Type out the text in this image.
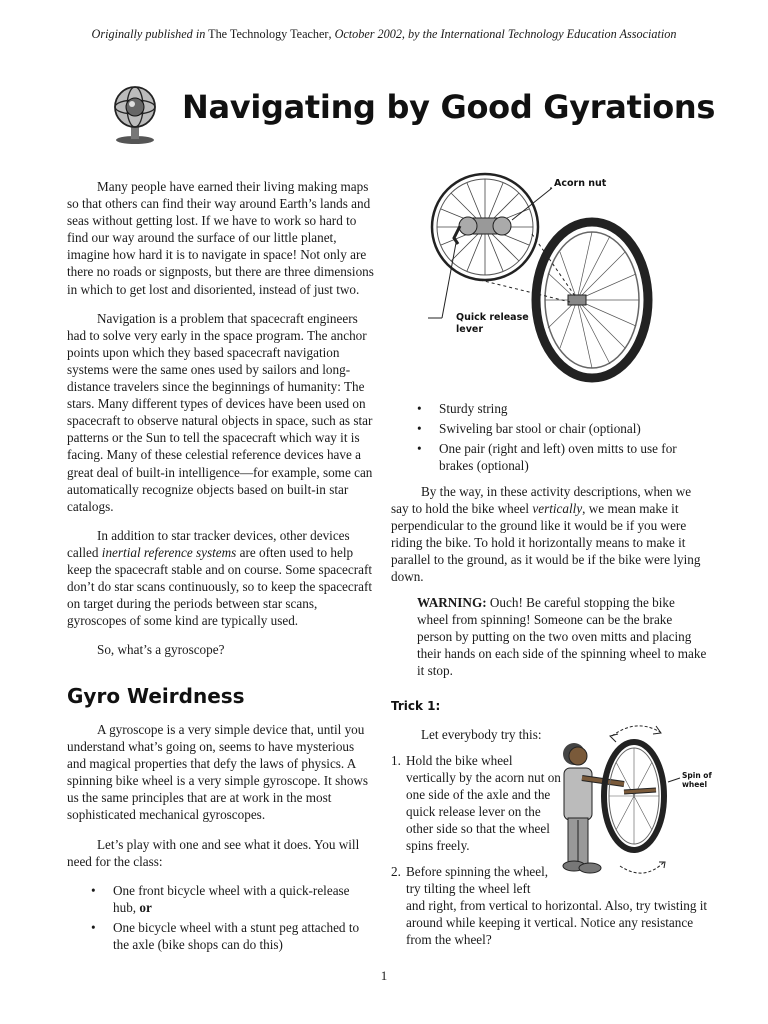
Originally published in The Technology Teacher, October 2002, by the International Technology Education Association
Navigating by Good Gyrations

Many people have earned their living making maps so that others can find their way around Earth’s lands and seas without getting lost. If we have to work so hard to find our way around the surface of our little planet, imagine how hard it is to navigate in space! Not only are there no roads or signposts, but there are three dimensions in which to get lost and disoriented, instead of just two.

Navigation is a problem that spacecraft engineers had to solve very early in the space program. The anchor points upon which they based spacecraft navigation systems were the same ones used by sailors and long-distance travelers since the beginnings of humanity: The stars. Many different types of devices have been used on spacecraft to observe natural objects in space, such as star patterns or the Sun to tell the spacecraft which way it is facing. Many of these celestial reference devices have a great deal of built-in intelligence—for example, some can automatically recognize objects based on built-in star catalogs.

In addition to star tracker devices, other devices called inertial reference systems are often used to help keep the spacecraft stable and on course. Some spacecraft don’t do star scans continuously, so to keep the spacecraft on target during the periods between star scans, gyroscopes of some kind are typically used.

So, what’s a gyroscope?

Gyro Weirdness

A gyroscope is a very simple device that, until you understand what’s going on, seems to have mysterious and magical properties that defy the laws of physics. A spinning bike wheel is a very simple gyroscope. It shows us the same principles that are at work in the most sophisticated mechanical gyroscopes.

Let’s play with one and see what it does. You will need for the class:

• One front bicycle wheel with a quick-release hub, or
• One bicycle wheel with a stunt peg attached to the axle (bike shops can do this)
Acorn nut
Quick release lever
• Sturdy string
• Swiveling bar stool or chair (optional)
• One pair (right and left) oven mitts to use for brakes (optional)

By the way, in these activity descriptions, when we say to hold the bike wheel vertically, we mean make it perpendicular to the ground like it would be if you were riding the bike. To hold it horizontally means to make it parallel to the ground, as it would be if the bike were lying down.

WARNING: Ouch! Be careful stopping the bike wheel from spinning! Someone can be the brake person by putting on the two oven mitts and placing their hands on each side of the spinning wheel to make it stop.

Trick 1:
Let everybody try this:
1. Hold the bike wheel vertically by the acorn nut on one side of the axle and the quick release lever on the other side so that the wheel spins freely.
2. Before spinning the wheel, try tilting the wheel left
and right, from vertical to horizontal. Also, try twisting it around while keeping it vertical. Notice any resistance from the wheel?
Spin of wheel
1
